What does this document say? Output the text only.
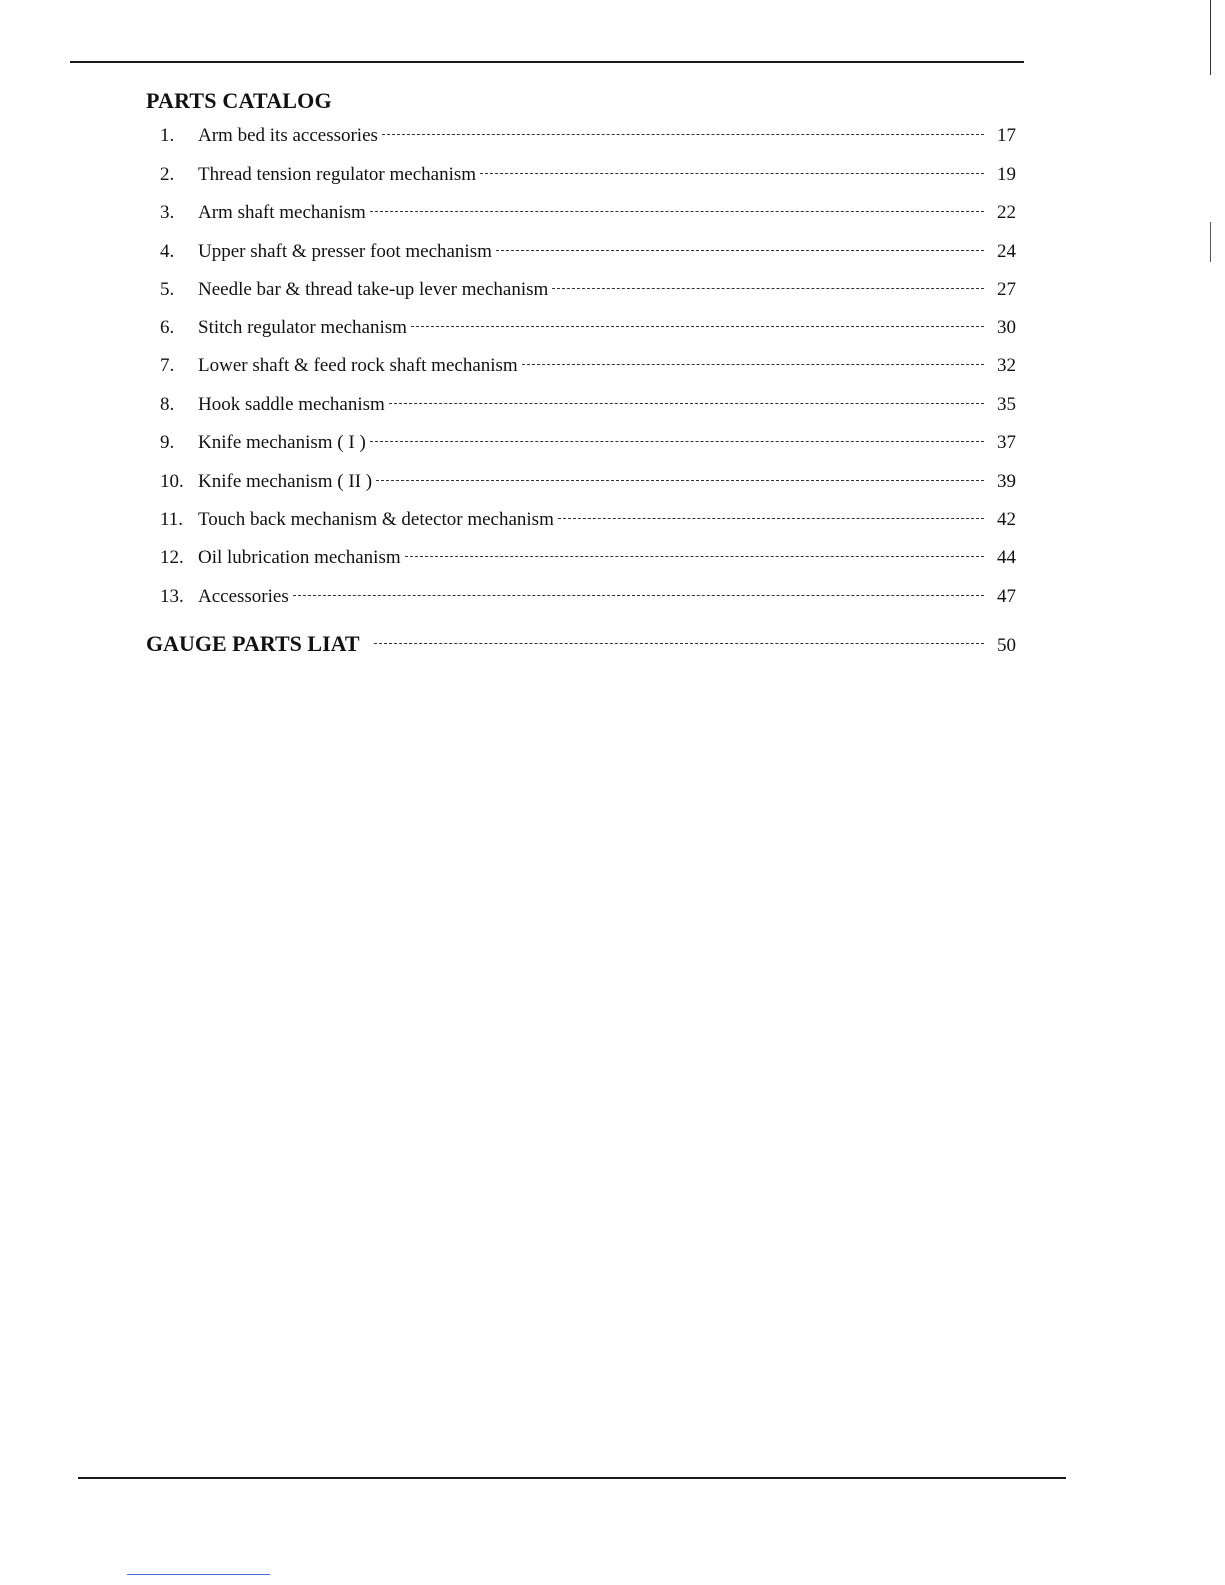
PARTS CATALOG
1.	Arm bed its accessories	17
2.	Thread tension regulator mechanism	19
3.	Arm shaft mechanism	22
4.	Upper shaft & presser foot mechanism	24
5.	Needle bar & thread take-up lever mechanism	27
6.	Stitch regulator mechanism	30
7.	Lower shaft & feed rock shaft mechanism	32
8.	Hook saddle mechanism	35
9.	Knife mechanism ( I )	37
10. Knife mechanism ( II )	39
11. Touch back mechanism & detector mechanism	42
12. Oil lubrication mechanism	44
13. Accessories	47
GAUGE PARTS LIAT	50
